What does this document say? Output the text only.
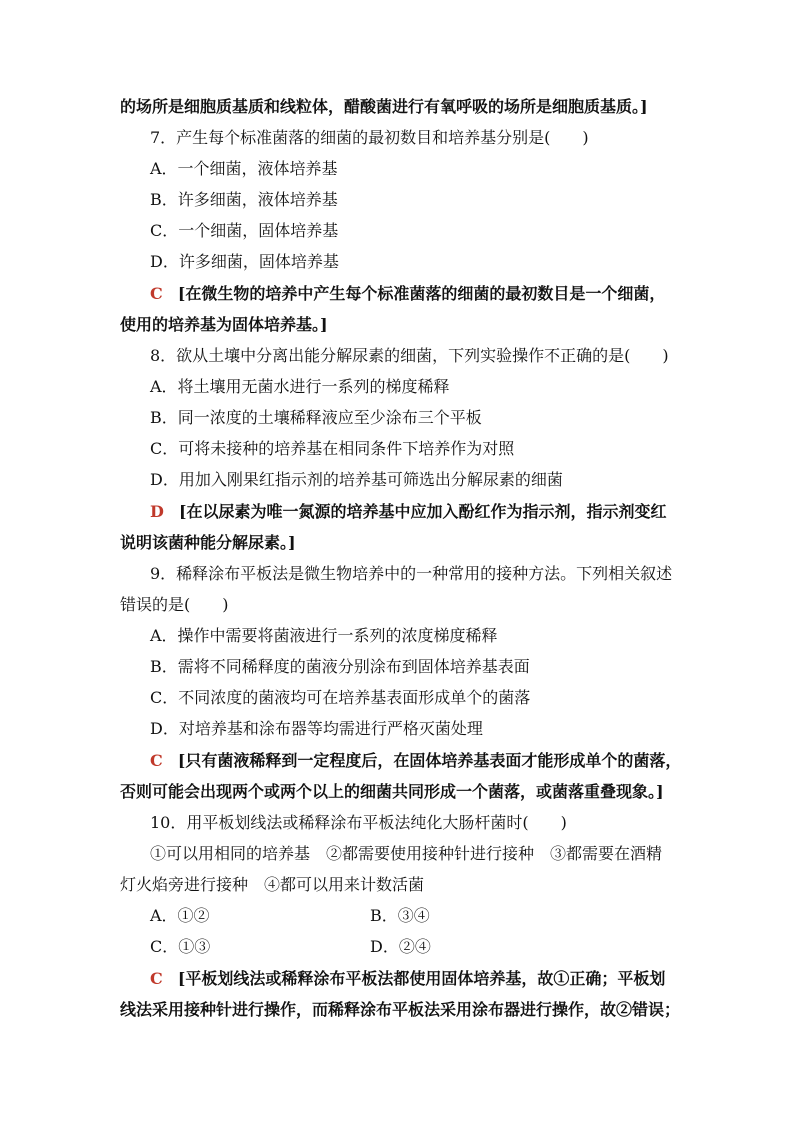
的场所是细胞质基质和线粒体，醋酸菌进行有氧呼吸的场所是细胞质基质。]
7．产生每个标准菌落的细菌的最初数目和培养基分别是(　　)
A．一个细菌，液体培养基
B．许多细菌，液体培养基
C．一个细菌，固体培养基
D．许多细菌，固体培养基
C [在微生物的培养中产生每个标准菌落的细菌的最初数目是一个细菌，
使用的培养基为固体培养基。]
8．欲从土壤中分离出能分解尿素的细菌，下列实验操作不正确的是(　　)
A．将土壤用无菌水进行一系列的梯度稀释
B．同一浓度的土壤稀释液应至少涂布三个平板
C．可将未接种的培养基在相同条件下培养作为对照
D．用加入刚果红指示剂的培养基可筛选出分解尿素的细菌
D [在以尿素为唯一氮源的培养基中应加入酚红作为指示剂，指示剂变红
说明该菌种能分解尿素。]
9．稀释涂布平板法是微生物培养中的一种常用的接种方法。下列相关叙述
错误的是(　　)
A．操作中需要将菌液进行一系列的浓度梯度稀释
B．需将不同稀释度的菌液分别涂布到固体培养基表面
C．不同浓度的菌液均可在培养基表面形成单个的菌落
D．对培养基和涂布器等均需进行严格灭菌处理
C [只有菌液稀释到一定程度后，在固体培养基表面才能形成单个的菌落，
否则可能会出现两个或两个以上的细菌共同形成一个菌落，或菌落重叠现象。]
10．用平板划线法或稀释涂布平板法纯化大肠杆菌时(　　)
①可以用相同的培养基　②都需要使用接种针进行接种　③都需要在酒精
灯火焰旁进行接种　④都可以用来计数活菌
A．①②	B．③④
C．①③	D．②④
C [平板划线法或稀释涂布平板法都使用固体培养基，故①正确；平板划
线法采用接种针进行操作，而稀释涂布平板法采用涂布器进行操作，故②错误；
